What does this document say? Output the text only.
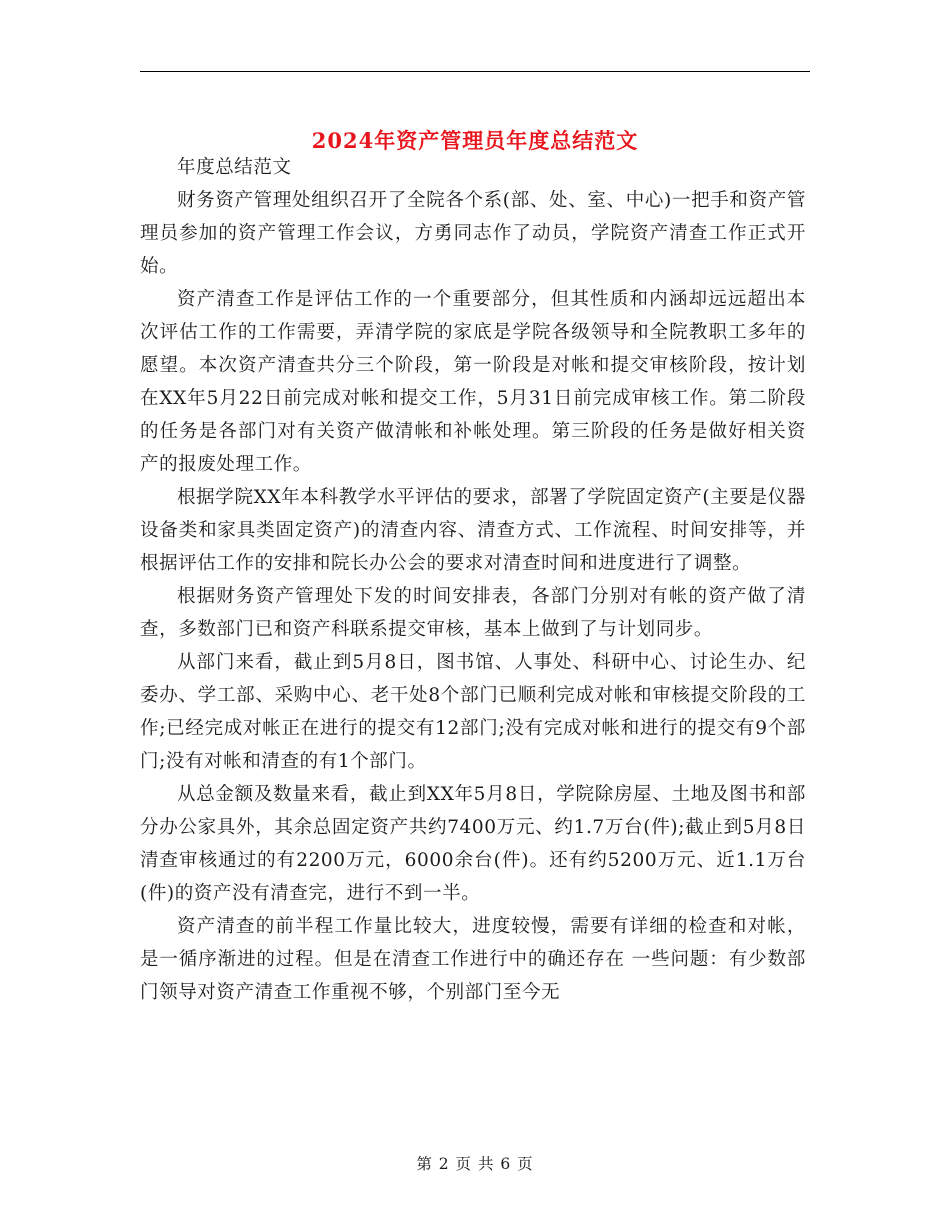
2024年资产管理员年度总结范文

年度总结范文

财务资产管理处组织召开了全院各个系(部、处、室、中心)一把手和资产管理员参加的资产管理工作会议，方勇同志作了动员，学院资产清查工作正式开始。

资产清查工作是评估工作的一个重要部分，但其性质和内涵却远远超出本次评估工作的工作需要，弄清学院的家底是学院各级领导和全院教职工多年的愿望。本次资产清查共分三个阶段，第一阶段是对帐和提交审核阶段，按计划在XX年5月22日前完成对帐和提交工作，5月31日前完成审核工作。第二阶段的任务是各部门对有关资产做清帐和补帐处理。第三阶段的任务是做好相关资产的报废处理工作。

根据学院XX年本科教学水平评估的要求，部署了学院固定资产(主要是仪器设备类和家具类固定资产)的清查内容、清查方式、工作流程、时间安排等，并根据评估工作的安排和院长办公会的要求对清查时间和进度进行了调整。

根据财务资产管理处下发的时间安排表，各部门分别对有帐的资产做了清查，多数部门已和资产科联系提交审核，基本上做到了与计划同步。

从部门来看，截止到5月8日，图书馆、人事处、科研中心、讨论生办、纪委办、学工部、采购中心、老干处8个部门已顺利完成对帐和审核提交阶段的工作;已经完成对帐正在进行的提交有12部门;没有完成对帐和进行的提交有9个部门;没有对帐和清查的有1个部门。

从总金额及数量来看，截止到XX年5月8日，学院除房屋、土地及图书和部分办公家具外，其余总固定资产共约7400万元、约1.7万台(件);截止到5月8日清查审核通过的有2200万元，6000余台(件)。还有约5200万元、近1.1万台(件)的资产没有清查完，进行不到一半。

资产清查的前半程工作量比较大，进度较慢，需要有详细的检查和对帐，是一循序渐进的过程。但是在清查工作进行中的确还存在 一些问题：有少数部门领导对资产清查工作重视不够，个别部门至今无

第 2 页 共 6 页
